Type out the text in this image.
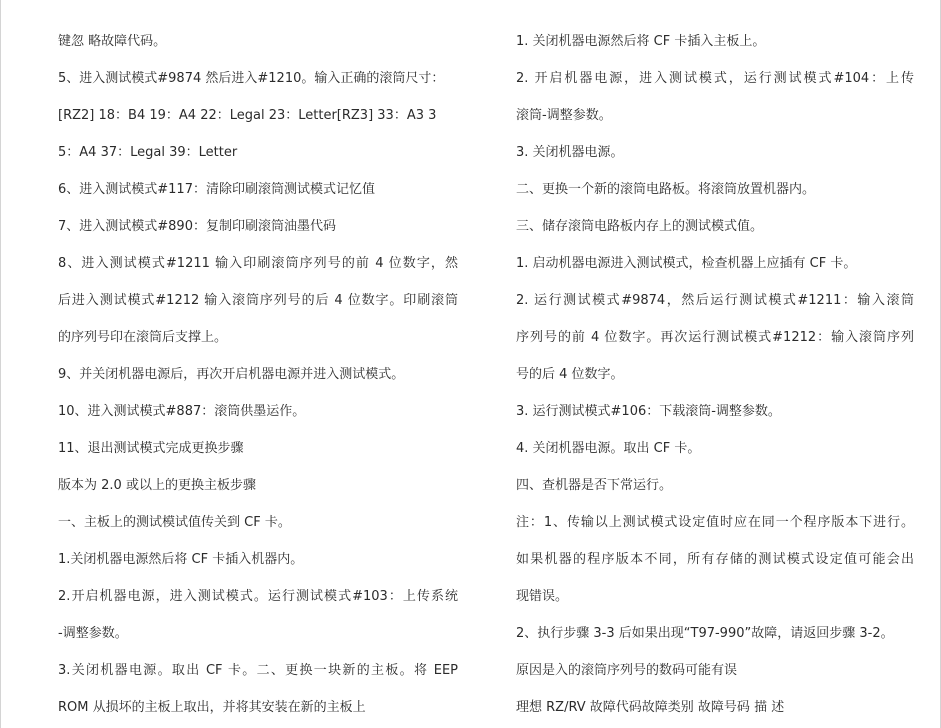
键忽 略故障代码。
5、进入测试模式#9874 然后进入#1210。输入正确的滚筒尺寸：
[RZ2] 18：B4 19：A4 22：Legal 23：Letter[RZ3] 33：A3 3
5：A4 37：Legal 39：Letter
6、进入测试模式#117：清除印刷滚筒测试模式记忆值
7、进入测试模式#890：复制印刷滚筒油墨代码
8、进入测试模式#1211 输入印刷滚筒序列号的前 4 位数字，然
后进入测试模式#1212 输入滚筒序列号的后 4 位数字。印刷滚筒
的序列号印在滚筒后支撑上。
9、并关闭机器电源后，再次开启机器电源并进入测试模式。
10、进入测试模式#887：滚筒供墨运作。
11、退出测试模式完成更换步骤
版本为 2.0 或以上的更换主板步骤
一、主板上的测试模试值传关到 CF 卡。
1.关闭机器电源然后将 CF 卡插入机器内。
2.开启机器电源，进入测试模式。运行测试模式#103：上传系统
-调整参数。
3.关闭机器电源。取出 CF 卡。二、更换一块新的主板。将 EEP
ROM 从损坏的主板上取出，并将其安装在新的主板上
1. 关闭机器电源然后将 CF 卡插入主板上。
2. 开启机器电源，进入测试模式，运行测试模式#104：上传
滚筒-调整参数。
3. 关闭机器电源。
二、更换一个新的滚筒电路板。将滚筒放置机器内。
三、储存滚筒电路板内存上的测试模式值。
1. 启动机器电源进入测试模式，检查机器上应插有 CF 卡。
2. 运行测试模式#9874，然后运行测试模式#1211：输入滚筒
序列号的前 4 位数字。再次运行测试模式#1212：输入滚筒序列
号的后 4 位数字。
3. 运行测试模式#106：下载滚筒-调整参数。
4. 关闭机器电源。取出 CF 卡。
四、查机器是否下常运行。
注：1、传输以上测试模式设定值时应在同一个程序版本下进行。
如果机器的程序版本不同，所有存储的测试模式设定值可能会出
现错误。
2、执行步骤 3-3 后如果出现“T97-990”故障，请返回步骤 3-2。
原因是入的滚筒序列号的数码可能有误
理想 RZ/RV 故障代码故障类别 故障号码 描 述
